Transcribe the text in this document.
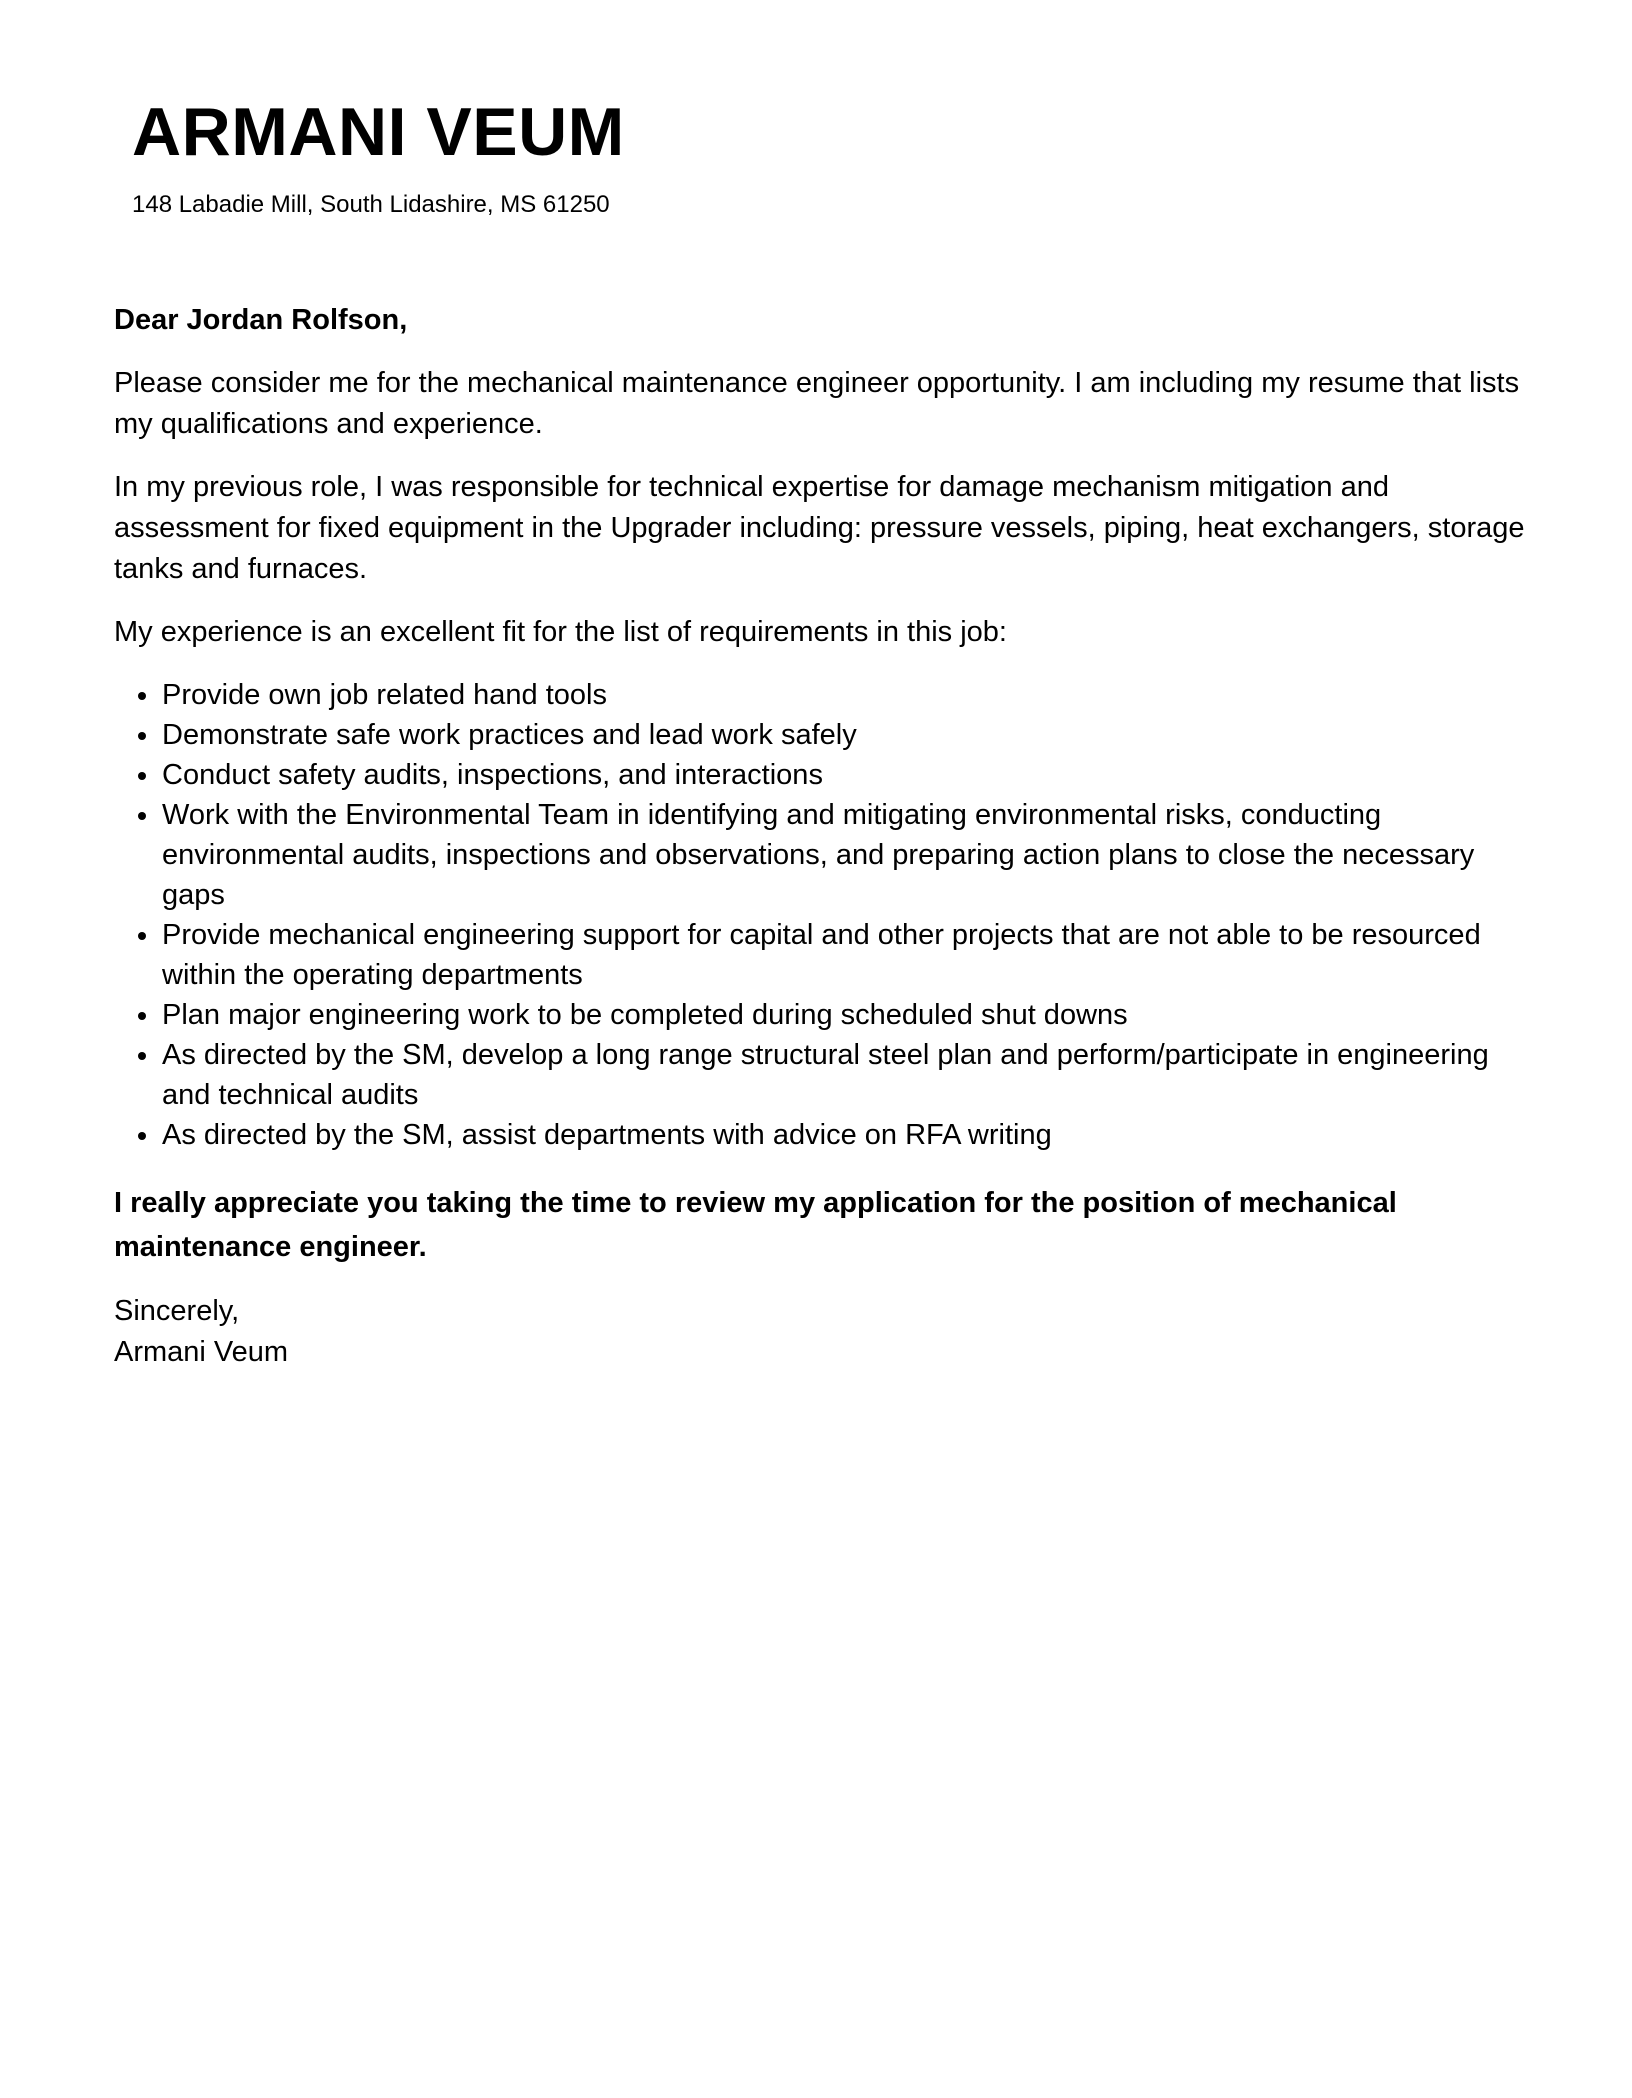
ARMANI VEUM
148 Labadie Mill, South Lidashire, MS 61250

Dear Jordan Rolfson,

Please consider me for the mechanical maintenance engineer opportunity. I am including my resume that lists my qualifications and experience.

In my previous role, I was responsible for technical expertise for damage mechanism mitigation and assessment for fixed equipment in the Upgrader including: pressure vessels, piping, heat exchangers, storage tanks and furnaces.

My experience is an excellent fit for the list of requirements in this job:

Provide own job related hand tools
Demonstrate safe work practices and lead work safely
Conduct safety audits, inspections, and interactions
Work with the Environmental Team in identifying and mitigating environmental risks, conducting environmental audits, inspections and observations, and preparing action plans to close the necessary gaps
Provide mechanical engineering support for capital and other projects that are not able to be resourced within the operating departments
Plan major engineering work to be completed during scheduled shut downs
As directed by the SM, develop a long range structural steel plan and perform/participate in engineering and technical audits
As directed by the SM, assist departments with advice on RFA writing

I really appreciate you taking the time to review my application for the position of mechanical maintenance engineer.

Sincerely,
Armani Veum
